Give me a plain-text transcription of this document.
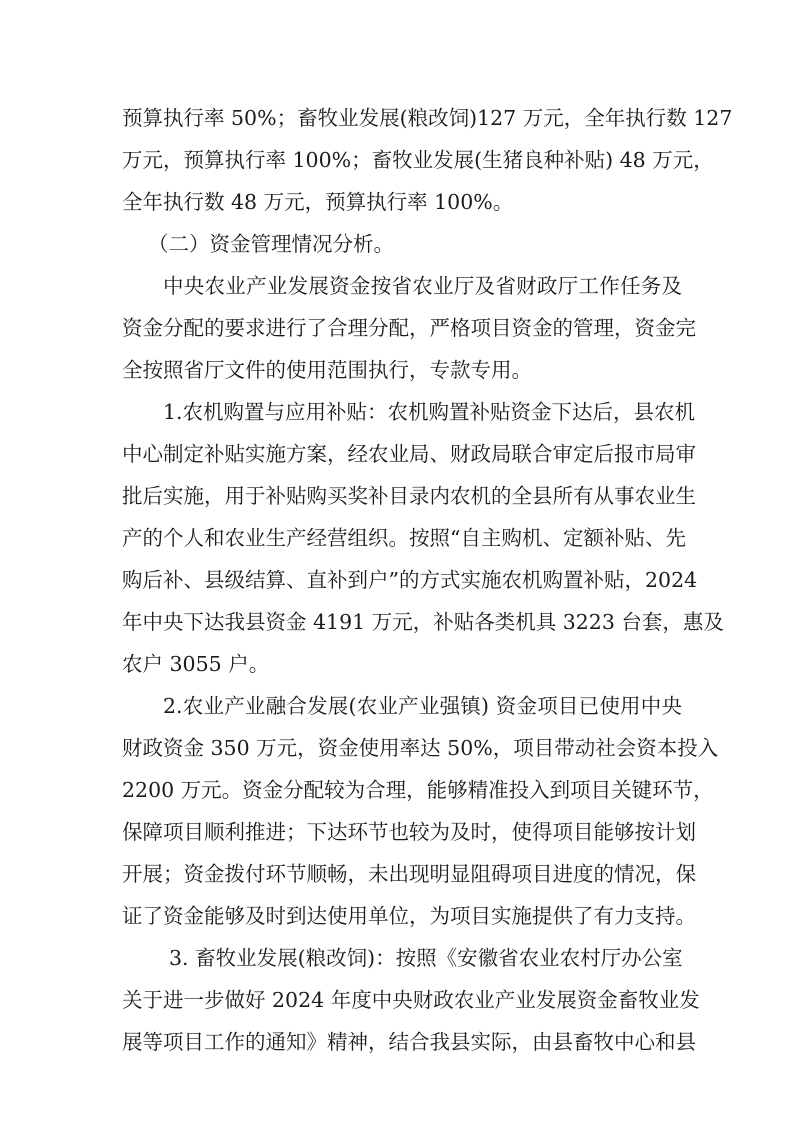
预算执行率 50%；畜牧业发展(粮改饲)127 万元，全年执行数 127
万元，预算执行率 100%；畜牧业发展(生猪良种补贴) 48 万元，
全年执行数 48 万元，预算执行率 100%。
（二）资金管理情况分析。
中央农业产业发展资金按省农业厅及省财政厅工作任务及
资金分配的要求进行了合理分配，严格项目资金的管理，资金完
全按照省厅文件的使用范围执行，专款专用。
1.农机购置与应用补贴：农机购置补贴资金下达后，县农机
中心制定补贴实施方案，经农业局、财政局联合审定后报市局审
批后实施，用于补贴购买奖补目录内农机的全县所有从事农业生
产的个人和农业生产经营组织。按照“自主购机、定额补贴、先
购后补、县级结算、直补到户”的方式实施农机购置补贴，2024
年中央下达我县资金 4191 万元，补贴各类机具 3223 台套，惠及
农户 3055 户。
2.农业产业融合发展(农业产业强镇) 资金项目已使用中央
财政资金 350 万元，资金使用率达 50%，项目带动社会资本投入
2200 万元。资金分配较为合理，能够精准投入到项目关键环节，
保障项目顺利推进；下达环节也较为及时，使得项目能够按计划
开展；资金拨付环节顺畅，未出现明显阻碍项目进度的情况，保
证了资金能够及时到达使用单位，为项目实施提供了有力支持。
3. 畜牧业发展(粮改饲)：按照《安徽省农业农村厅办公室
关于进一步做好 2024 年度中央财政农业产业发展资金畜牧业发
展等项目工作的通知》精神，结合我县实际，由县畜牧中心和县
